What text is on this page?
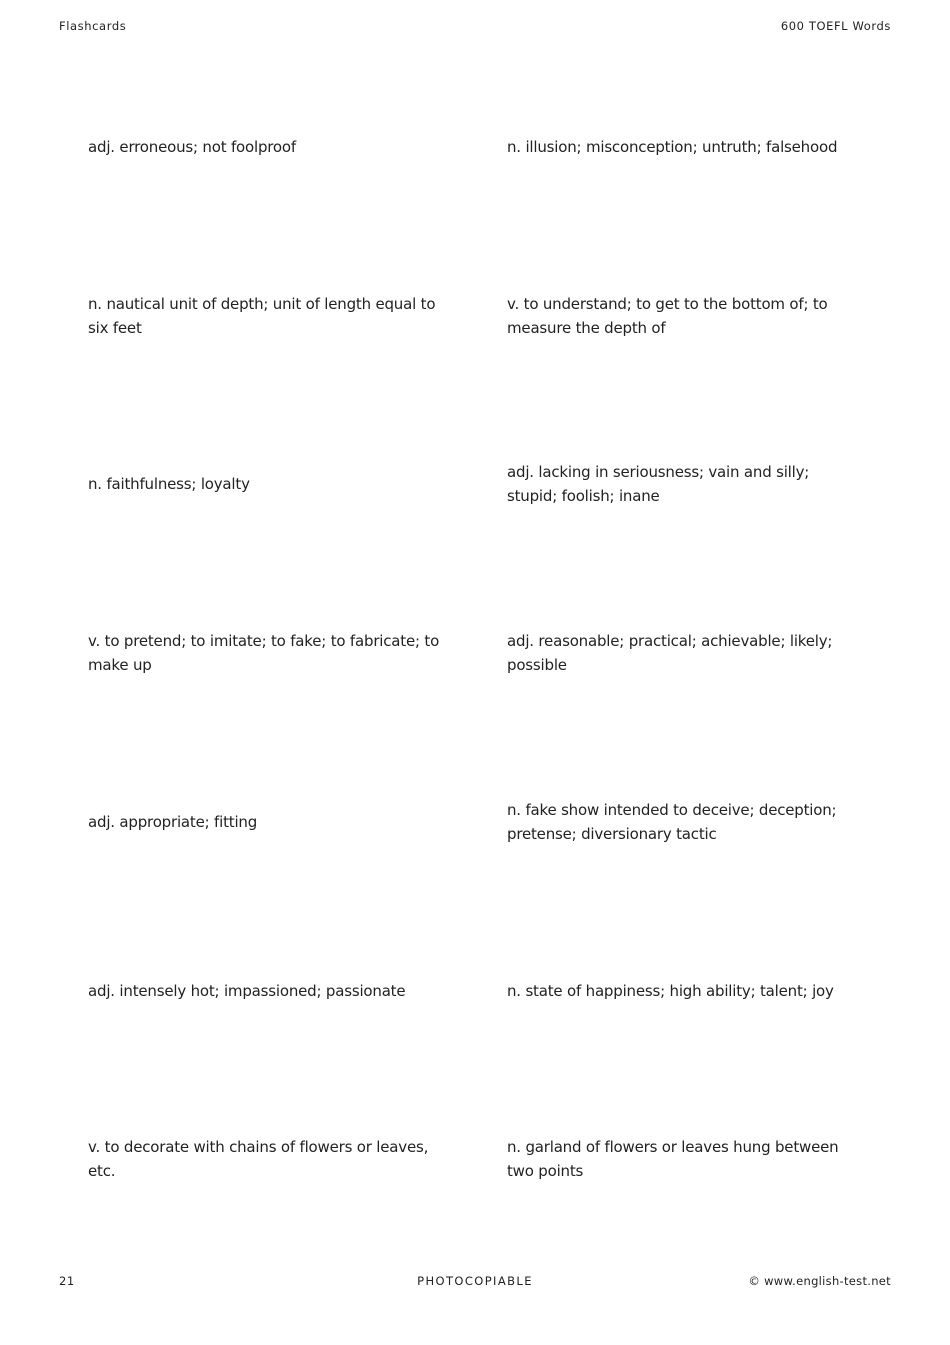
Flashcards	600 TOEFL Words
adj. erroneous; not foolproof	n. illusion; misconception; untruth; falsehood
n. nautical unit of depth; unit of length equal to six feet
v. to understand; to get to the bottom of; to measure the depth of
n. faithfulness; loyalty
adj. lacking in seriousness; vain and silly; stupid; foolish; inane
v. to pretend; to imitate; to fake; to fabricate; to make up
adj. reasonable; practical; achievable; likely; possible
adj. appropriate; fitting
n. fake show intended to deceive; deception; pretense; diversionary tactic
adj. intensely hot; impassioned; passionate	n. state of happiness; high ability; talent; joy
v. to decorate with chains of flowers or leaves, etc.
n. garland of flowers or leaves hung between two points
21	PHOTOCOPIABLE	© www.english-test.net
